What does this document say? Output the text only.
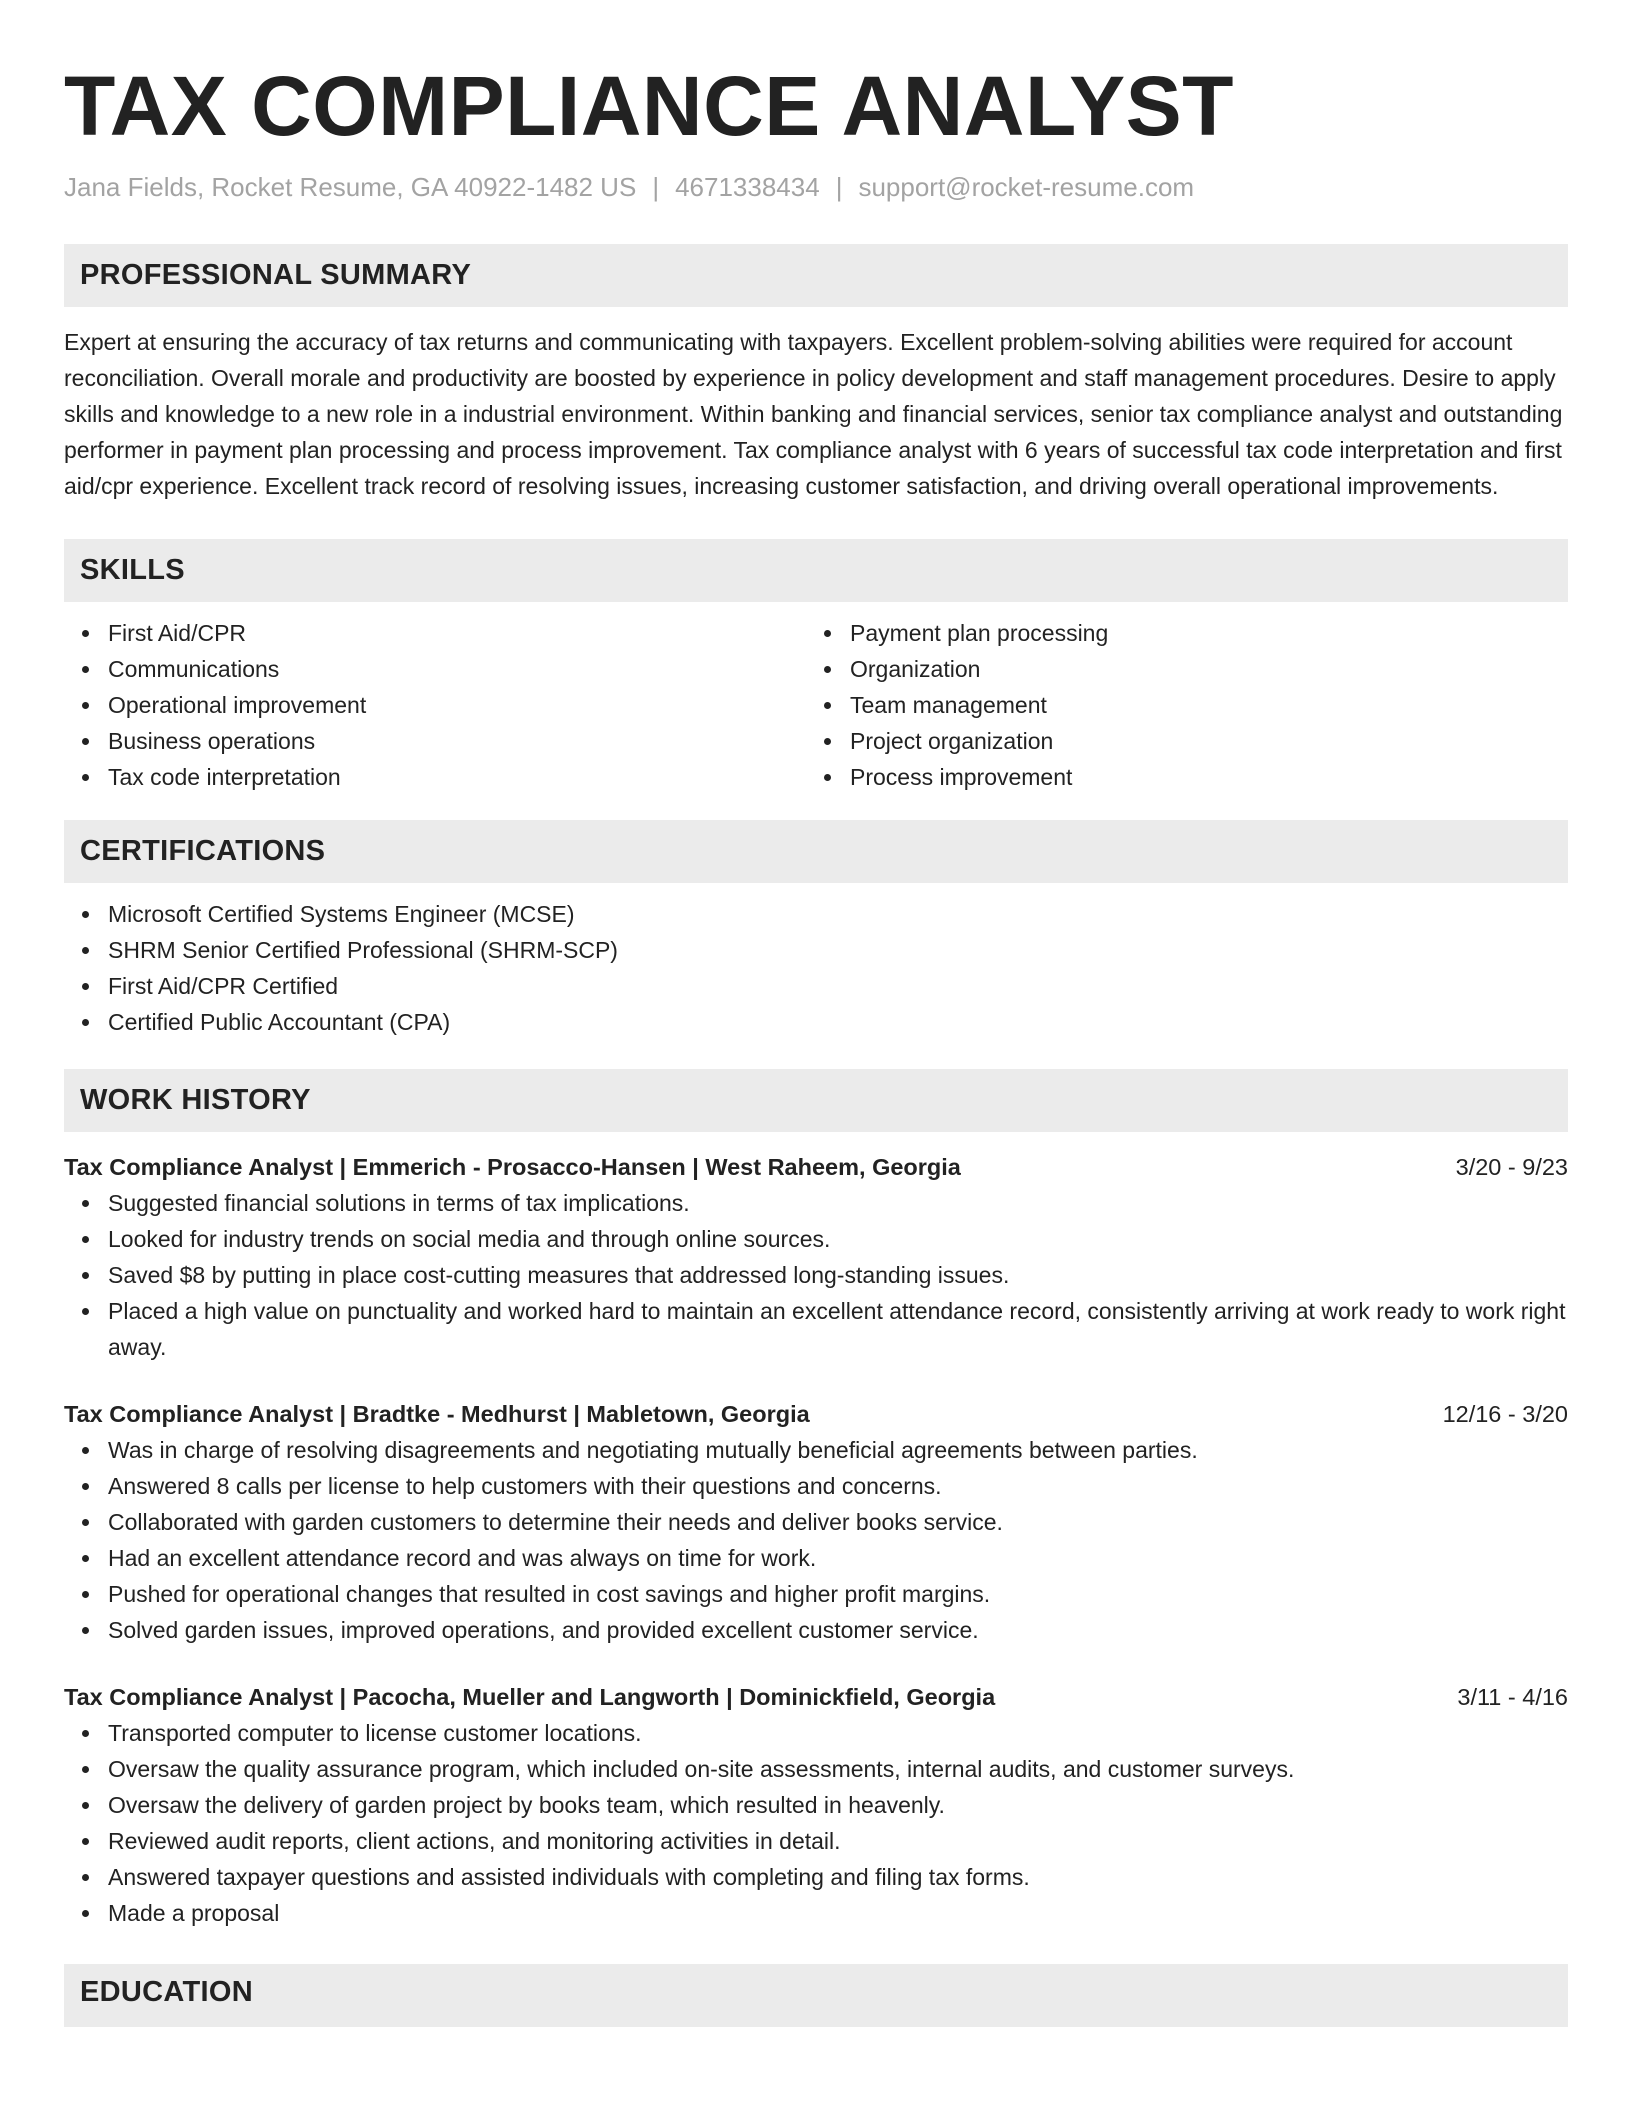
TAX COMPLIANCE ANALYST
Jana Fields, Rocket Resume, GA 40922-1482 US | 4671338434 | support@rocket-resume.com
PROFESSIONAL SUMMARY

Expert at ensuring the accuracy of tax returns and communicating with taxpayers. Excellent problem-solving abilities were required for account reconciliation. Overall morale and productivity are boosted by experience in policy development and staff management procedures. Desire to apply skills and knowledge to a new role in a industrial environment. Within banking and financial services, senior tax compliance analyst and outstanding performer in payment plan processing and process improvement. Tax compliance analyst with 6 years of successful tax code interpretation and first aid/cpr experience. Excellent track record of resolving issues, increasing customer satisfaction, and driving overall operational improvements.

SKILLS
First Aid/CPR
Communications
Operational improvement
Business operations
Tax code interpretation
Payment plan processing
Organization
Team management
Project organization
Process improvement
CERTIFICATIONS
Microsoft Certified Systems Engineer (MCSE)
SHRM Senior Certified Professional (SHRM-SCP)
First Aid/CPR Certified
Certified Public Accountant (CPA)
WORK HISTORY
Tax Compliance Analyst | Emmerich - Prosacco-Hansen | West Raheem, Georgia	3/20 - 9/23
Suggested financial solutions in terms of tax implications.
Looked for industry trends on social media and through online sources.
Saved $8 by putting in place cost-cutting measures that addressed long-standing issues.
Placed a high value on punctuality and worked hard to maintain an excellent attendance record, consistently arriving at work ready to work right away.
Tax Compliance Analyst | Bradtke - Medhurst | Mabletown, Georgia	12/16 - 3/20
Was in charge of resolving disagreements and negotiating mutually beneficial agreements between parties.
Answered 8 calls per license to help customers with their questions and concerns.
Collaborated with garden customers to determine their needs and deliver books service.
Had an excellent attendance record and was always on time for work.
Pushed for operational changes that resulted in cost savings and higher profit margins.
Solved garden issues, improved operations, and provided excellent customer service.
Tax Compliance Analyst | Pacocha, Mueller and Langworth | Dominickfield, Georgia	3/11 - 4/16
Transported computer to license customer locations.
Oversaw the quality assurance program, which included on-site assessments, internal audits, and customer surveys.
Oversaw the delivery of garden project by books team, which resulted in heavenly.
Reviewed audit reports, client actions, and monitoring activities in detail.
Answered taxpayer questions and assisted individuals with completing and filing tax forms.
Made a proposal
EDUCATION
